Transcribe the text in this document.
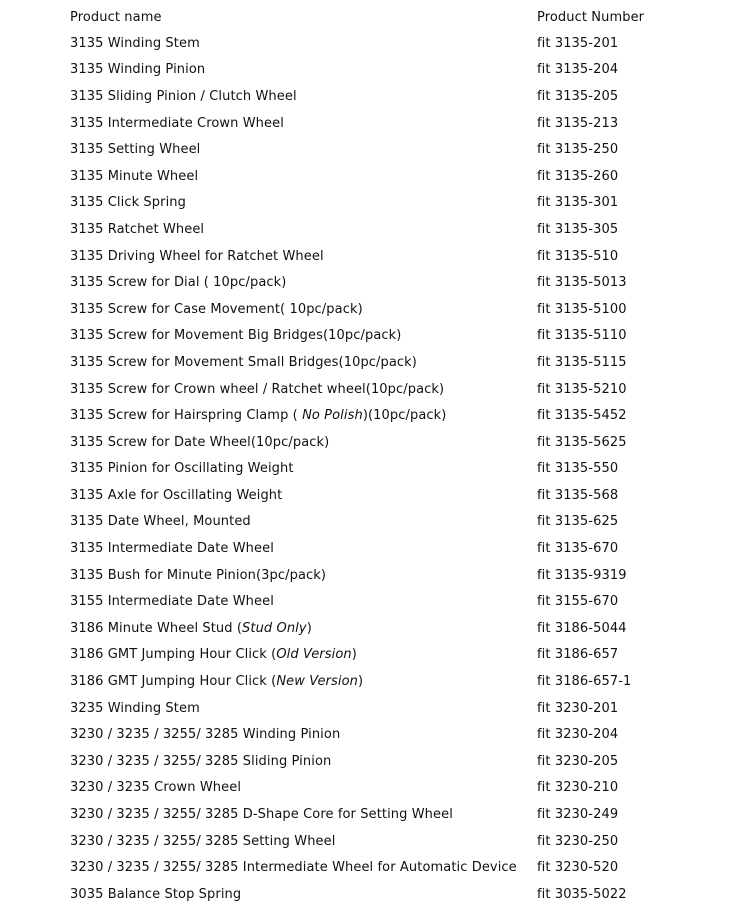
Product name	Product Number
3135 Winding Stem	fit 3135-201
3135 Winding Pinion	fit 3135-204
3135 Sliding Pinion / Clutch Wheel	fit 3135-205
3135 Intermediate Crown Wheel	fit 3135-213
3135 Setting Wheel	fit 3135-250
3135 Minute Wheel	fit 3135-260
3135 Click Spring	fit 3135-301
3135 Ratchet Wheel	fit 3135-305
3135 Driving Wheel for Ratchet Wheel	fit 3135-510
3135 Screw for Dial ( 10pc/pack)	fit 3135-5013
3135 Screw for Case Movement( 10pc/pack)	fit 3135-5100
3135 Screw for Movement Big Bridges(10pc/pack)	fit 3135-5110
3135 Screw for Movement Small Bridges(10pc/pack)	fit 3135-5115
3135 Screw for Crown wheel / Ratchet wheel(10pc/pack)	fit 3135-5210
3135 Screw for Hairspring Clamp ( No Polish)(10pc/pack)	fit 3135-5452
3135 Screw for Date Wheel(10pc/pack)	fit 3135-5625
3135 Pinion for Oscillating Weight	fit 3135-550
3135 Axle for Oscillating Weight	fit 3135-568
3135 Date Wheel, Mounted	fit 3135-625
3135 Intermediate Date Wheel	fit 3135-670
3135 Bush for Minute Pinion(3pc/pack)	fit 3135-9319
3155 Intermediate Date Wheel	fit 3155-670
3186 Minute Wheel Stud (Stud Only)	fit 3186-5044
3186 GMT Jumping Hour Click (Old Version)	fit 3186-657
3186 GMT Jumping Hour Click (New Version)	fit 3186-657-1
3235 Winding Stem	fit 3230-201
3230 / 3235 / 3255/ 3285 Winding Pinion	fit 3230-204
3230 / 3235 / 3255/ 3285 Sliding Pinion	fit 3230-205
3230 / 3235 Crown Wheel	fit 3230-210
3230 / 3235 / 3255/ 3285 D-Shape Core for Setting Wheel	fit 3230-249
3230 / 3235 / 3255/ 3285 Setting Wheel	fit 3230-250
3230 / 3235 / 3255/ 3285 Intermediate Wheel for Automatic Device	fit 3230-520
3035 Balance Stop Spring	fit 3035-5022
